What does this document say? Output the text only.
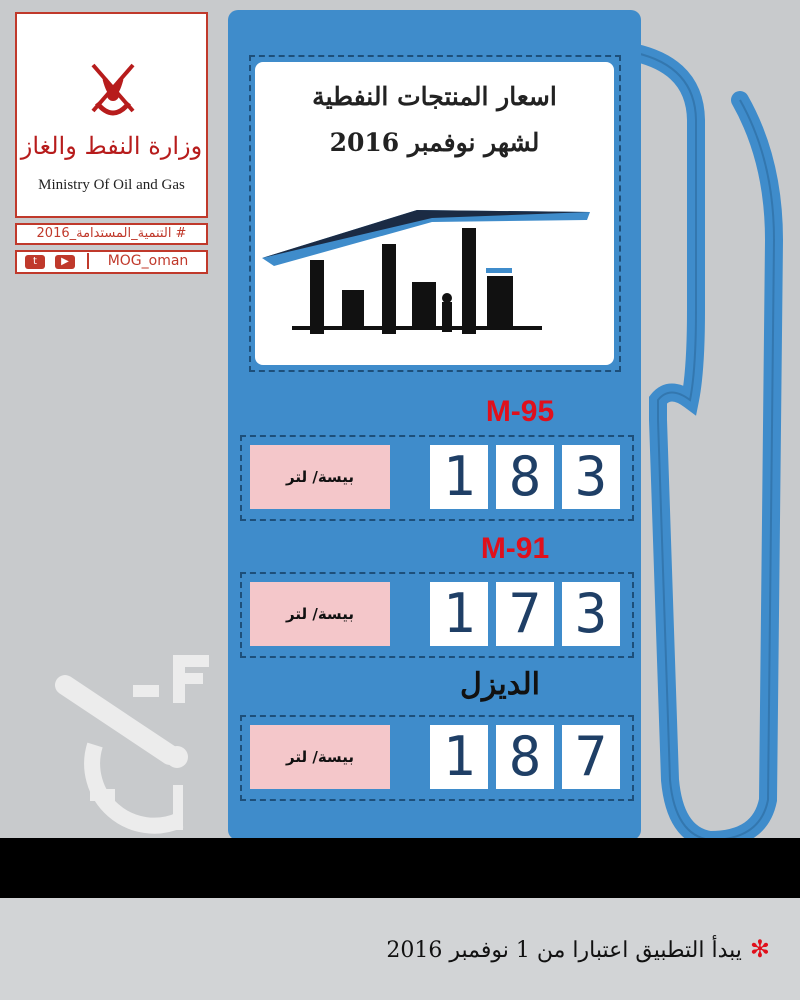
وزارة النفط والغاز
Ministry Of Oil and Gas
# التنمية_المستدامة_2016
t	▶	MOG_oman
اسعار المنتجات النفطية
لشهر نوفمبر 2016
M-95
بيسة/ لتر	1 8 3
M-91
بيسة/ لتر	1 7 3
الديزل
بيسة/ لتر	1 8 7
✻يبدأ التطبيق اعتبارا من 1 نوفمبر 2016
